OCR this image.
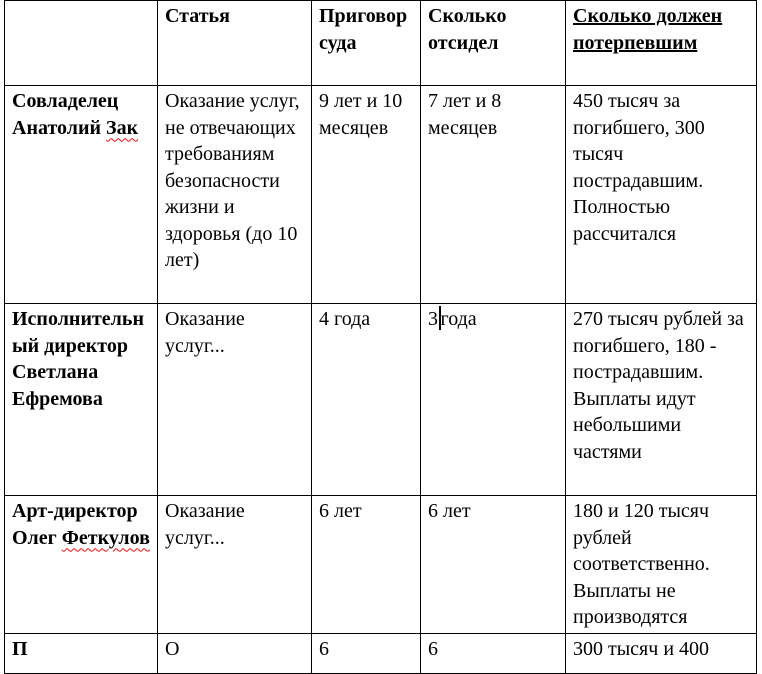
	Статья	Приговор суда	Сколько отсидел	Сколько должен потерпевшим
Совладелец Анатолий Зак	Оказание услуг, не отвечающих требованиям безопасности жизни и здоровья (до 10 лет)	9 лет и 10 месяцев	7 лет и 8 месяцев	450 тысяч за погибшего, 300 тысяч пострадавшим. Полностью рассчитался
Исполнительный директор Светлана Ефремова	Оказание услуг...	4 года	3 года	270 тысяч рублей за погибшего, 180 - пострадавшим. Выплаты идут небольшими частями
Арт-директор Олег Феткулов	Оказание услуг...	6 лет	6 лет	180 и 120 тысяч рублей соответственно. Выплаты не производятся
П	О	6	6	300 тысяч и 400
